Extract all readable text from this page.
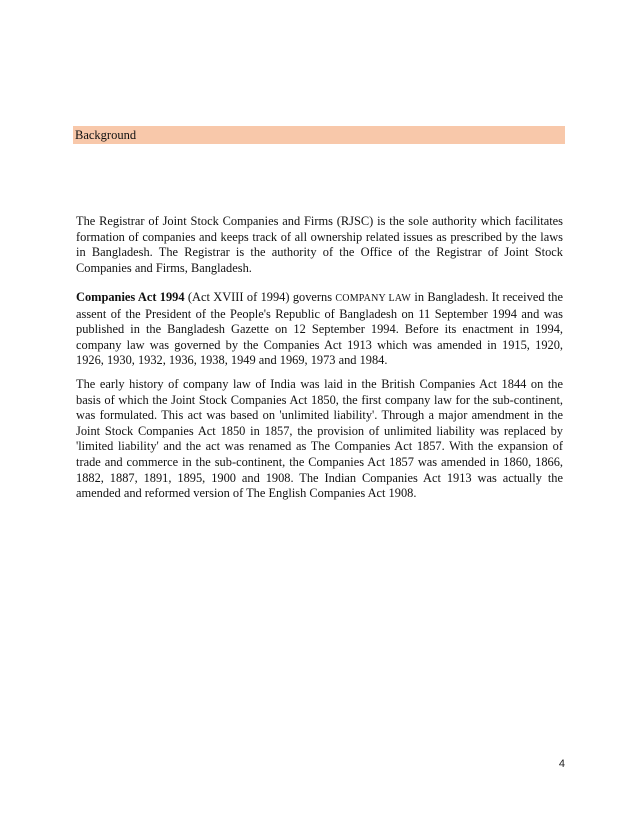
Background

The Registrar of Joint Stock Companies and Firms (RJSC) is the sole authority which facilitates formation of companies and keeps track of all ownership related issues as prescribed by the laws in Bangladesh. The Registrar is the authority of the Office of the Registrar of Joint Stock Companies and Firms, Bangladesh.

Companies Act 1994 (Act XVIII of 1994) governs COMPANY LAW in Bangladesh. It received the assent of the President of the People's Republic of Bangladesh on 11 September 1994 and was published in the Bangladesh Gazette on 12 September 1994. Before its enactment in 1994, company law was governed by the Companies Act 1913 which was amended in 1915, 1920, 1926, 1930, 1932, 1936, 1938, 1949 and 1969, 1973 and 1984.

The early history of company law of India was laid in the British Companies Act 1844 on the basis of which the Joint Stock Companies Act 1850, the first company law for the sub-continent, was formulated. This act was based on 'unlimited liability'. Through a major amendment in the Joint Stock Companies Act 1850 in 1857, the provision of unlimited liability was replaced by 'limited liability' and the act was renamed as The Companies Act 1857. With the expansion of trade and commerce in the sub-continent, the Companies Act 1857 was amended in 1860, 1866, 1882, 1887, 1891, 1895, 1900 and 1908. The Indian Companies Act 1913 was actually the amended and reformed version of The English Companies Act 1908.

4
